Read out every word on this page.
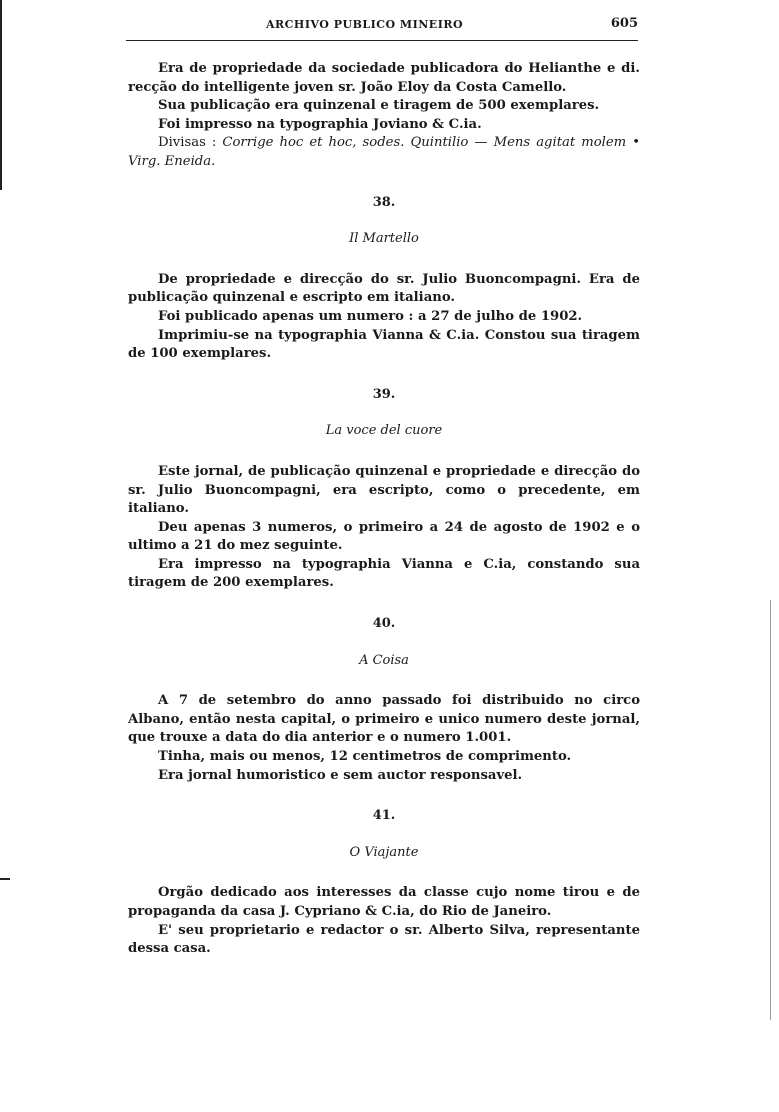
ARCHIVO PUBLICO MINEIRO	605

Era de propriedade da sociedade publicadora do Helianthe e di. recção do intelligente joven sr. João Eloy da Costa Camello.

Sua publicação era quinzenal e tiragem de 500 exemplares.

Foi impresso na typographia Joviano & C.ia.

Divisas : Corrige hoc et hoc, sodes. Quintilio — Mens agitat molem • Virg. Eneida.

38.

Il Martello

De propriedade e direcção do sr. Julio Buoncompagni. Era de publicação quinzenal e escripto em italiano.

Foi publicado apenas um numero : a 27 de julho de 1902.

Imprimiu-se na typographia Vianna & C.ia. Constou sua tiragem de 100 exemplares.

39.

La voce del cuore

Este jornal, de publicação quinzenal e propriedade e direcção do sr. Julio Buoncompagni, era escripto, como o precedente, em italiano.

Deu apenas 3 numeros, o primeiro a 24 de agosto de 1902 e o ultimo a 21 do mez seguinte.

Era impresso na typographia Vianna e C.ia, constando sua tiragem de 200 exemplares.

40.

A Coisa

A 7 de setembro do anno passado foi distribuido no circo Albano, então nesta capital, o primeiro e unico numero deste jornal, que trouxe a data do dia anterior e o numero 1.001.

Tinha, mais ou menos, 12 centimetros de comprimento.

Era jornal humoristico e sem auctor responsavel.

41.

O Viajante

Orgão dedicado aos interesses da classe cujo nome tirou e de propaganda da casa J. Cypriano & C.ia, do Rio de Janeiro.

E' seu proprietario e redactor o sr. Alberto Silva, representante dessa casa.
